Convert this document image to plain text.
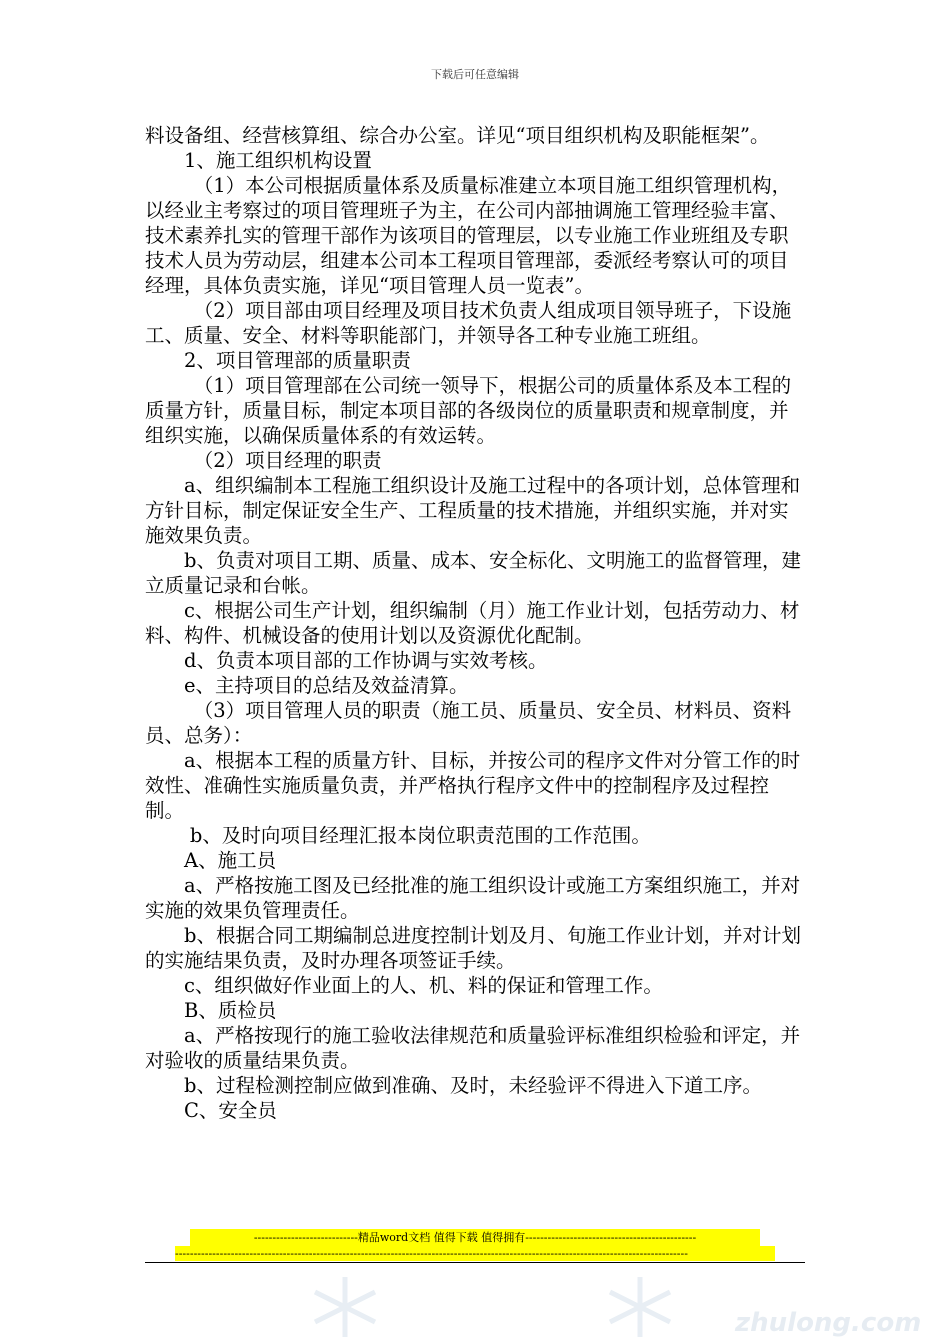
下载后可任意编辑

料设备组、经营核算组、综合办公室。详见“项目组织机构及职能框架”。

1、施工组织机构设置

（1）本公司根据质量体系及质量标准建立本项目施工组织管理机构，以经业主考察过的项目管理班子为主，在公司内部抽调施工管理经验丰富、技术素养扎实的管理干部作为该项目的管理层，以专业施工作业班组及专职技术人员为劳动层，组建本公司本工程项目管理部，委派经考察认可的项目经理，具体负责实施，详见“项目管理人员一览表”。

（2）项目部由项目经理及项目技术负责人组成项目领导班子，下设施工、质量、安全、材料等职能部门，并领导各工种专业施工班组。

2、项目管理部的质量职责

（1）项目管理部在公司统一领导下，根据公司的质量体系及本工程的质量方针，质量目标，制定本项目部的各级岗位的质量职责和规章制度，并组织实施，以确保质量体系的有效运转。

（2）项目经理的职责

a、组织编制本工程施工组织设计及施工过程中的各项计划，总体管理和方针目标，制定保证安全生产、工程质量的技术措施，并组织实施，并对实施效果负责。

b、负责对项目工期、质量、成本、安全标化、文明施工的监督管理，建立质量记录和台帐。

c、根据公司生产计划，组织编制（月）施工作业计划，包括劳动力、材料、构件、机械设备的使用计划以及资源优化配制。

d、负责本项目部的工作协调与实效考核。

e、主持项目的总结及效益清算。

（3）项目管理人员的职责（施工员、质量员、安全员、材料员、资料员、总务）：

a、根据本工程的质量方针、目标，并按公司的程序文件对分管工作的时效性、准确性实施质量负责，并严格执行程序文件中的控制程序及过程控制。

b、及时向项目经理汇报本岗位职责范围的工作范围。

A、施工员

a、严格按施工图及已经批准的施工组织设计或施工方案组织施工，并对实施的效果负管理责任。

b、根据合同工期编制总进度控制计划及月、旬施工作业计划，并对计划的实施结果负责，及时办理各项签证手续。

c、组织做好作业面上的人、机、料的保证和管理工作。

B、质检员

a、严格按现行的施工验收法律规范和质量验评标准组织检验和评定，并对验收的质量结果负责。

b、过程检测控制应做到准确、及时，未经验评不得进入下道工序。

C、安全员

----------------------------精品word文档 值得下载 值得拥有----------------------------------------------
------------------------------------------------------------------------------------------------------------------------------------------
zhulong.com
